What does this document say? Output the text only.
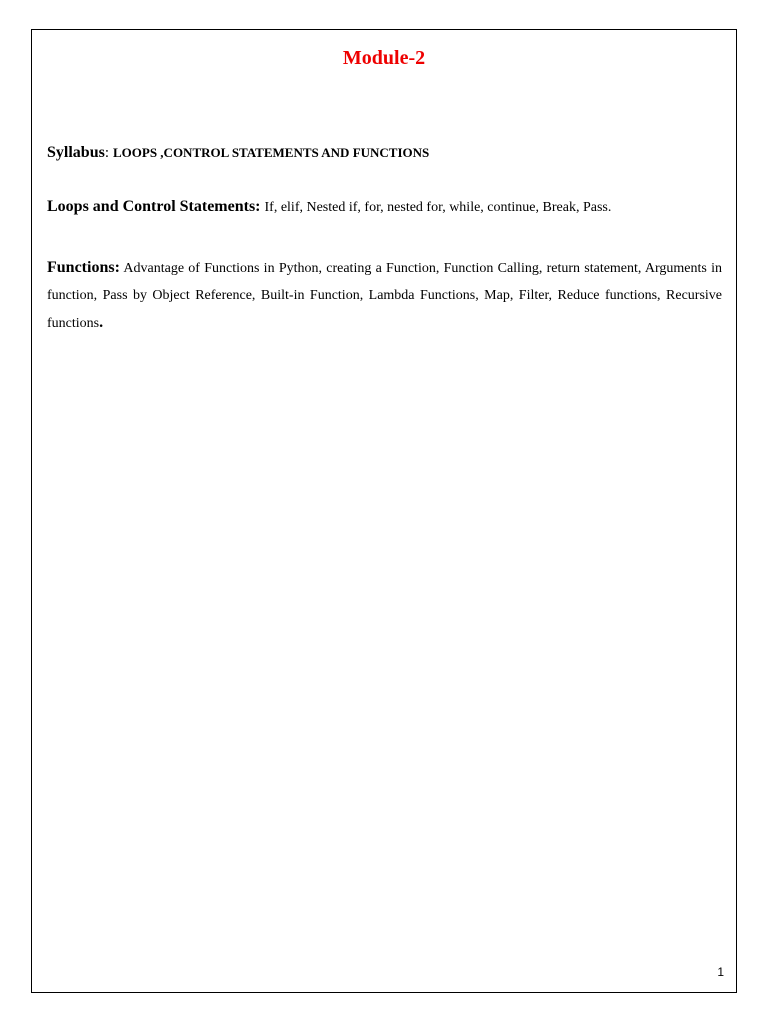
Module-2
Syllabus: LOOPS ,CONTROL STATEMENTS AND FUNCTIONS
Loops and Control Statements: If, elif, Nested if, for, nested for, while, continue, Break, Pass.
Functions: Advantage of Functions in Python, creating a Function, Function Calling, return statement, Arguments in function, Pass by Object Reference, Built-in Function, Lambda Functions, Map, Filter, Reduce functions, Recursive functions.
1
